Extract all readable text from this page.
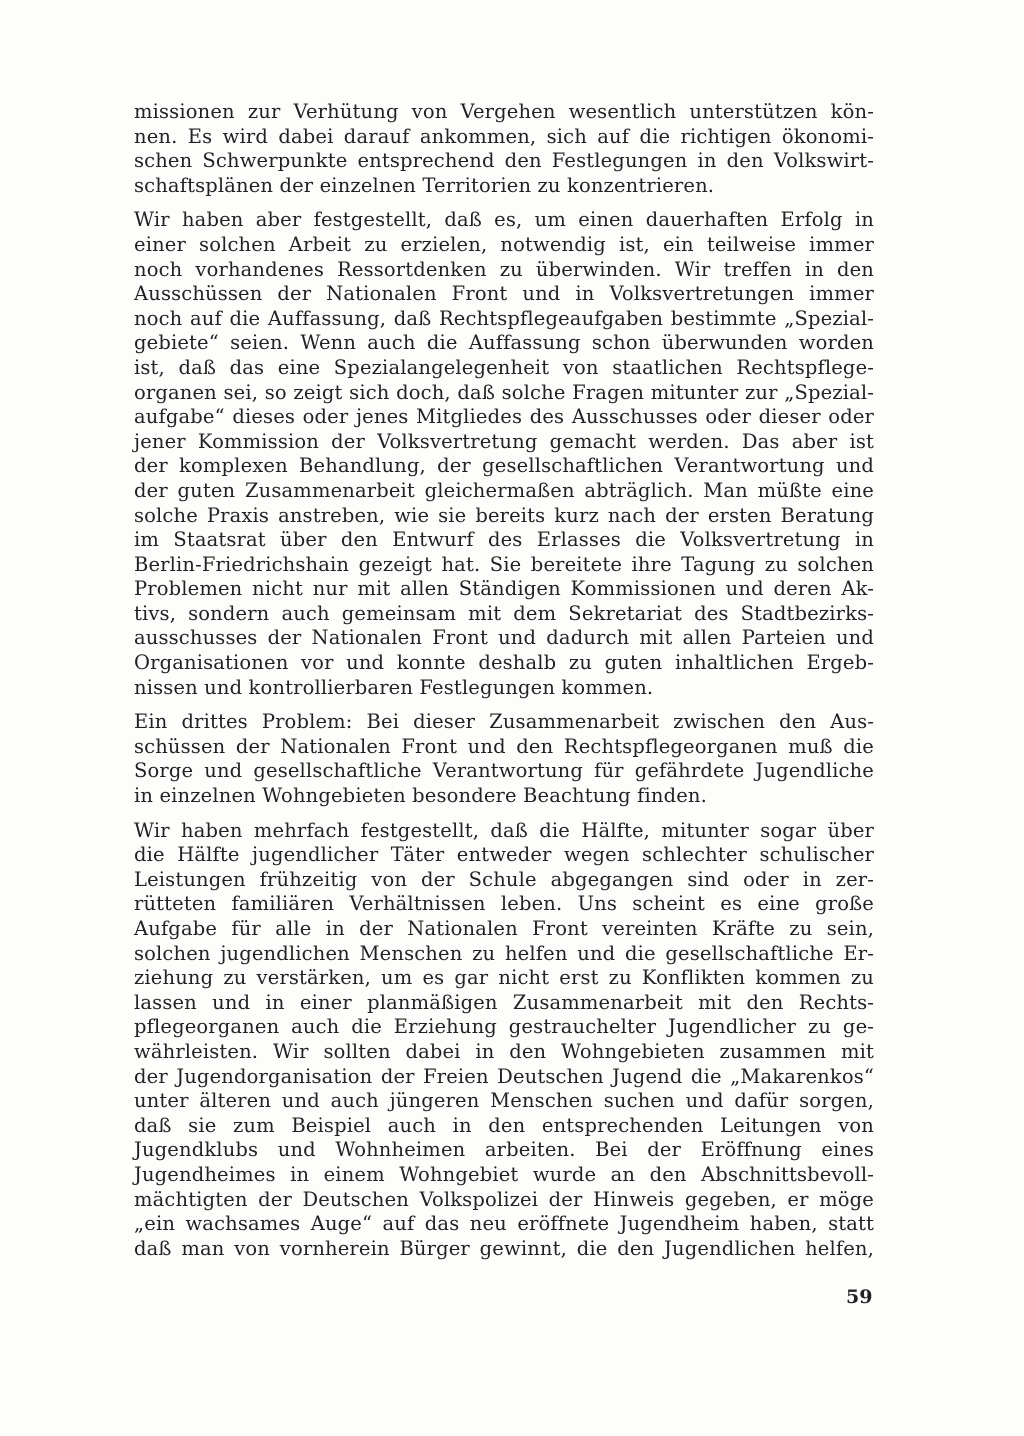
missionen zur Verhütung von Vergehen wesentlich unterstützen kön-
nen. Es wird dabei darauf ankommen, sich auf die richtigen ökonomi-
schen Schwerpunkte entsprechend den Festlegungen in den Volkswirt-
schaftsplänen der einzelnen Territorien zu konzentrieren.
Wir haben aber festgestellt, daß es, um einen dauerhaften Erfolg in
einer solchen Arbeit zu erzielen, notwendig ist, ein teilweise immer
noch vorhandenes Ressortdenken zu überwinden. Wir treffen in den
Ausschüssen der Nationalen Front und in Volksvertretungen immer
noch auf die Auffassung, daß Rechtspflegeaufgaben bestimmte „Spezial-
gebiete“ seien. Wenn auch die Auffassung schon überwunden worden
ist, daß das eine Spezialangelegenheit von staatlichen Rechtspflege-
organen sei, so zeigt sich doch, daß solche Fragen mitunter zur „Spezial-
aufgabe“ dieses oder jenes Mitgliedes des Ausschusses oder dieser oder
jener Kommission der Volksvertretung gemacht werden. Das aber ist
der komplexen Behandlung, der gesellschaftlichen Verantwortung und
der guten Zusammenarbeit gleichermaßen abträglich. Man müßte eine
solche Praxis anstreben, wie sie bereits kurz nach der ersten Beratung
im Staatsrat über den Entwurf des Erlasses die Volksvertretung in
Berlin-Friedrichshain gezeigt hat. Sie bereitete ihre Tagung zu solchen
Problemen nicht nur mit allen Ständigen Kommissionen und deren Ak-
tivs, sondern auch gemeinsam mit dem Sekretariat des Stadtbezirks-
ausschusses der Nationalen Front und dadurch mit allen Parteien und
Organisationen vor und konnte deshalb zu guten inhaltlichen Ergeb-
nissen und kontrollierbaren Festlegungen kommen.
Ein drittes Problem: Bei dieser Zusammenarbeit zwischen den Aus-
schüssen der Nationalen Front und den Rechtspflegeorganen muß die
Sorge und gesellschaftliche Verantwortung für gefährdete Jugendliche
in einzelnen Wohngebieten besondere Beachtung finden.
Wir haben mehrfach festgestellt, daß die Hälfte, mitunter sogar über
die Hälfte jugendlicher Täter entweder wegen schlechter schulischer
Leistungen frühzeitig von der Schule abgegangen sind oder in zer-
rütteten familiären Verhältnissen leben. Uns scheint es eine große
Aufgabe für alle in der Nationalen Front vereinten Kräfte zu sein,
solchen jugendlichen Menschen zu helfen und die gesellschaftliche Er-
ziehung zu verstärken, um es gar nicht erst zu Konflikten kommen zu
lassen und in einer planmäßigen Zusammenarbeit mit den Rechts-
pflegeorganen auch die Erziehung gestrauchelter Jugendlicher zu ge-
währleisten. Wir sollten dabei in den Wohngebieten zusammen mit
der Jugendorganisation der Freien Deutschen Jugend die „Makarenkos“
unter älteren und auch jüngeren Menschen suchen und dafür sorgen,
daß sie zum Beispiel auch in den entsprechenden Leitungen von
Jugendklubs und Wohnheimen arbeiten. Bei der Eröffnung eines
Jugendheimes in einem Wohngebiet wurde an den Abschnittsbevoll-
mächtigten der Deutschen Volkspolizei der Hinweis gegeben, er möge
„ein wachsames Auge“ auf das neu eröffnete Jugendheim haben, statt
daß man von vornherein Bürger gewinnt, die den Jugendlichen helfen,
59
